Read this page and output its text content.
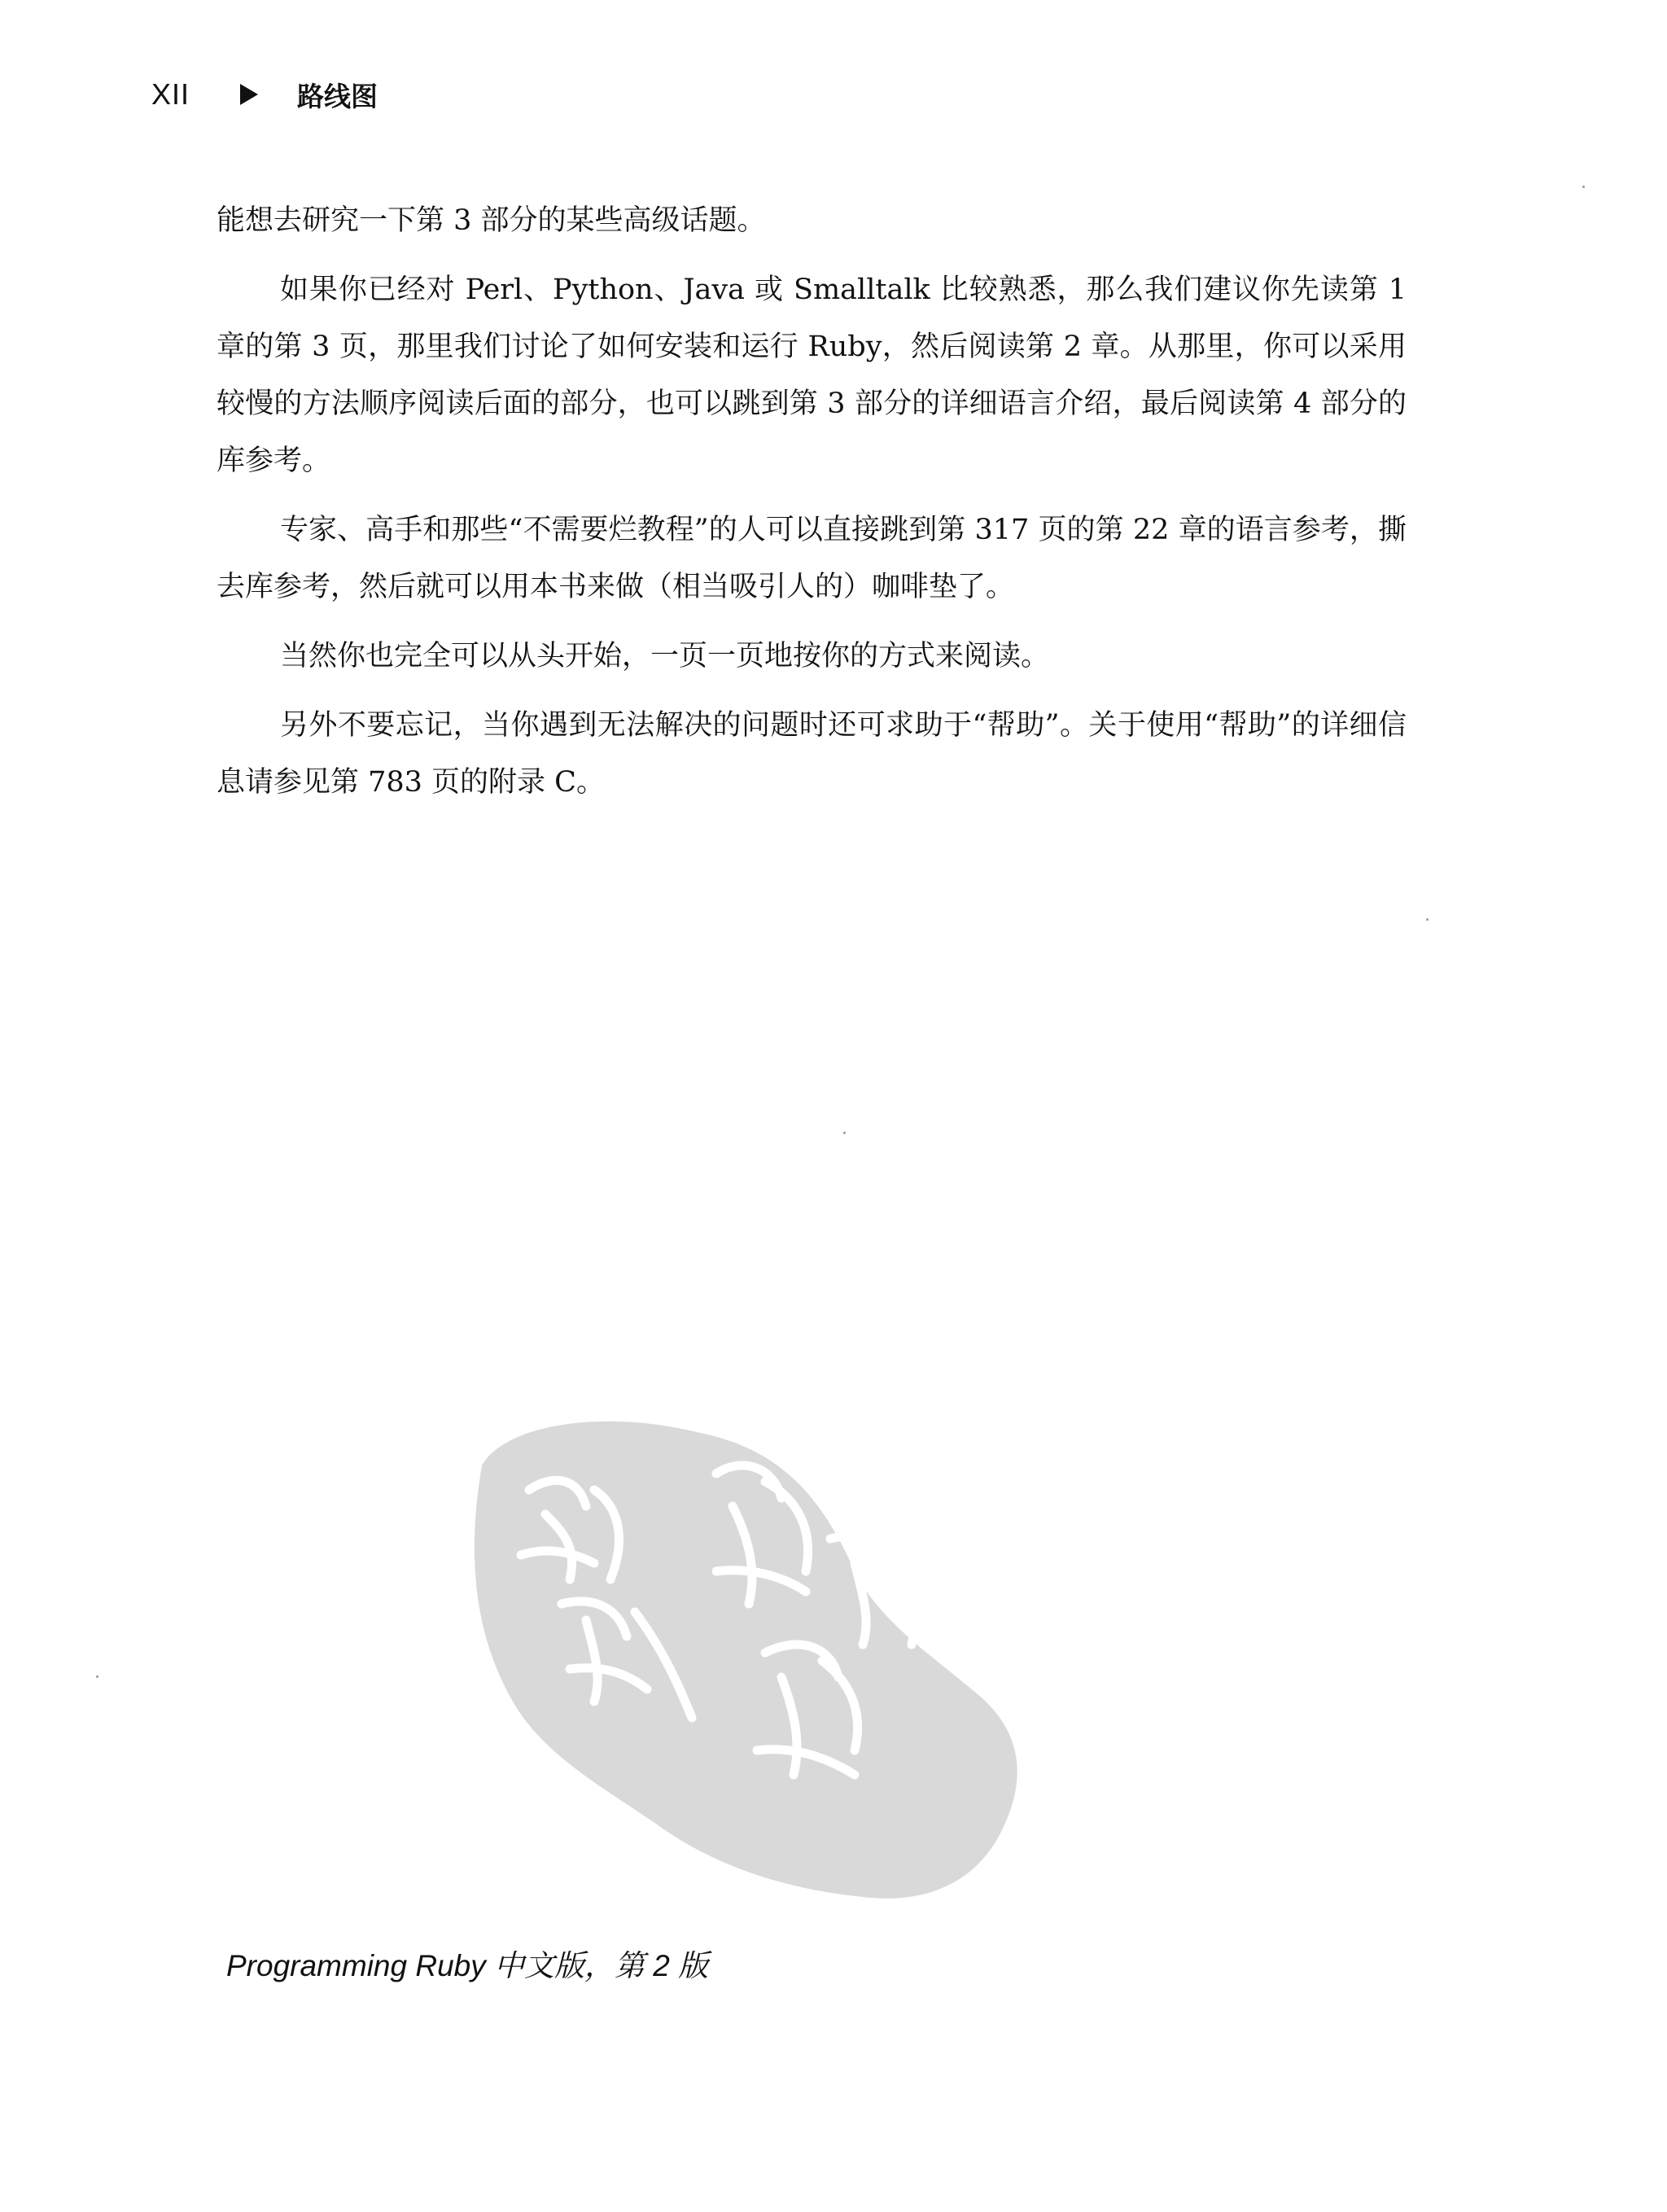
XII	路线图

能想去研究一下第 3 部分的某些高级话题。

如果你已经对 Perl、Python、Java 或 Smalltalk 比较熟悉，那么我们建议你先读第 1 章的第 3 页，那里我们讨论了如何安装和运行 Ruby，然后阅读第 2 章。从那里，你可以采用较慢的方法顺序阅读后面的部分，也可以跳到第 3 部分的详细语言介绍，最后阅读第 4 部分的库参考。

专家、高手和那些“不需要烂教程”的人可以直接跳到第 317 页的第 22 章的语言参考，撕去库参考，然后就可以用本书来做（相当吸引人的）咖啡垫了。

当然你也完全可以从头开始，一页一页地按你的方式来阅读。

另外不要忘记，当你遇到无法解决的问题时还可求助于“帮助”。关于使用“帮助”的详细信息请参见第 783 页的附录 C。

Programming Ruby 中文版，第 2 版
